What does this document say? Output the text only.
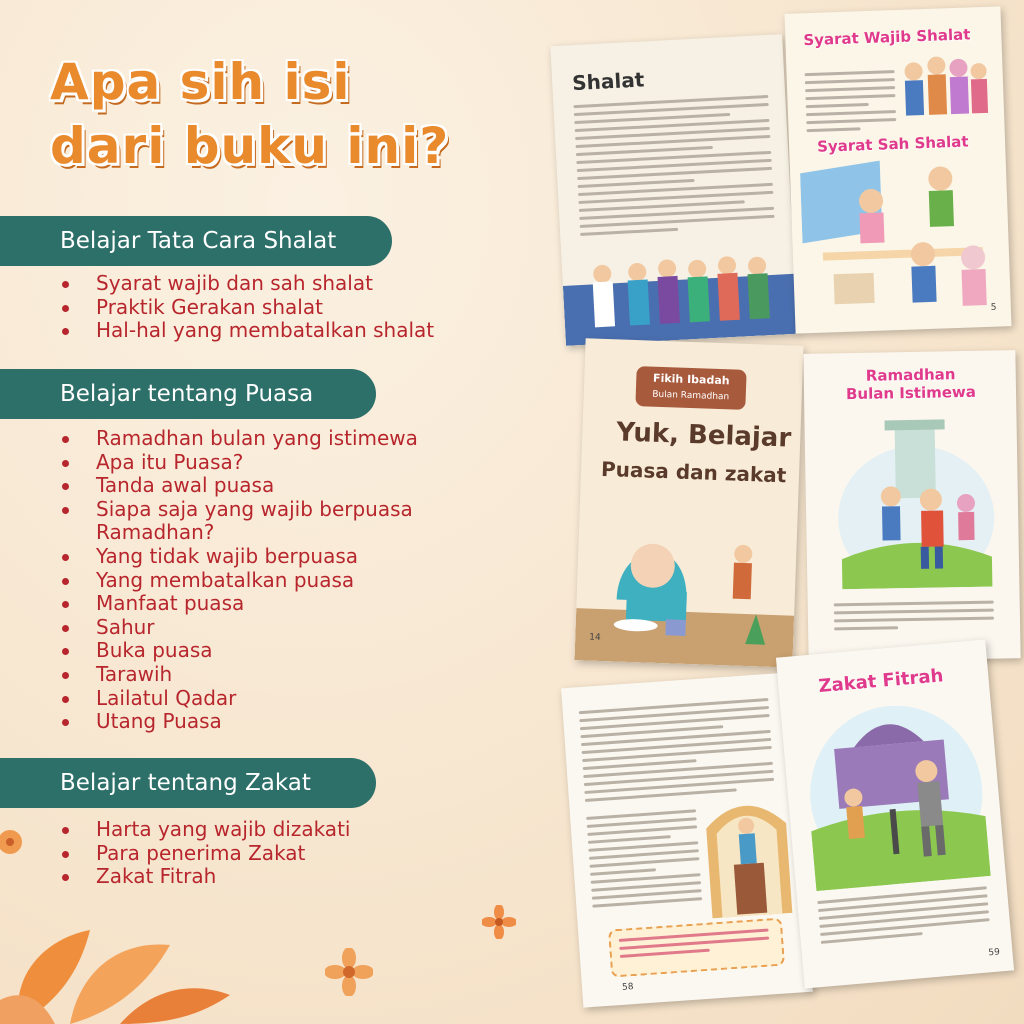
Apa sih isi
dari buku ini?
Belajar Tata Cara Shalat
Syarat wajib dan sah shalat
Praktik Gerakan shalat
Hal-hal yang membatalkan shalat
Belajar tentang Puasa
Ramadhan bulan yang istimewa
Apa itu Puasa?
Tanda awal puasa
Siapa saja yang wajib berpuasa Ramadhan?
Yang tidak wajib berpuasa
Yang membatalkan puasa
Manfaat puasa
Sahur
Buka puasa
Tarawih
Lailatul Qadar
Utang Puasa
Belajar tentang Zakat
Harta yang wajib dizakati
Para penerima Zakat
Zakat Fitrah
Shalat
Syarat Wajib Shalat
Syarat Sah Shalat
5
Fikih Ibadah
Bulan Ramadhan
Yuk, Belajar
Puasa dan zakat
14
Ramadhan
Bulan Istimewa
58
Zakat Fitrah
59
